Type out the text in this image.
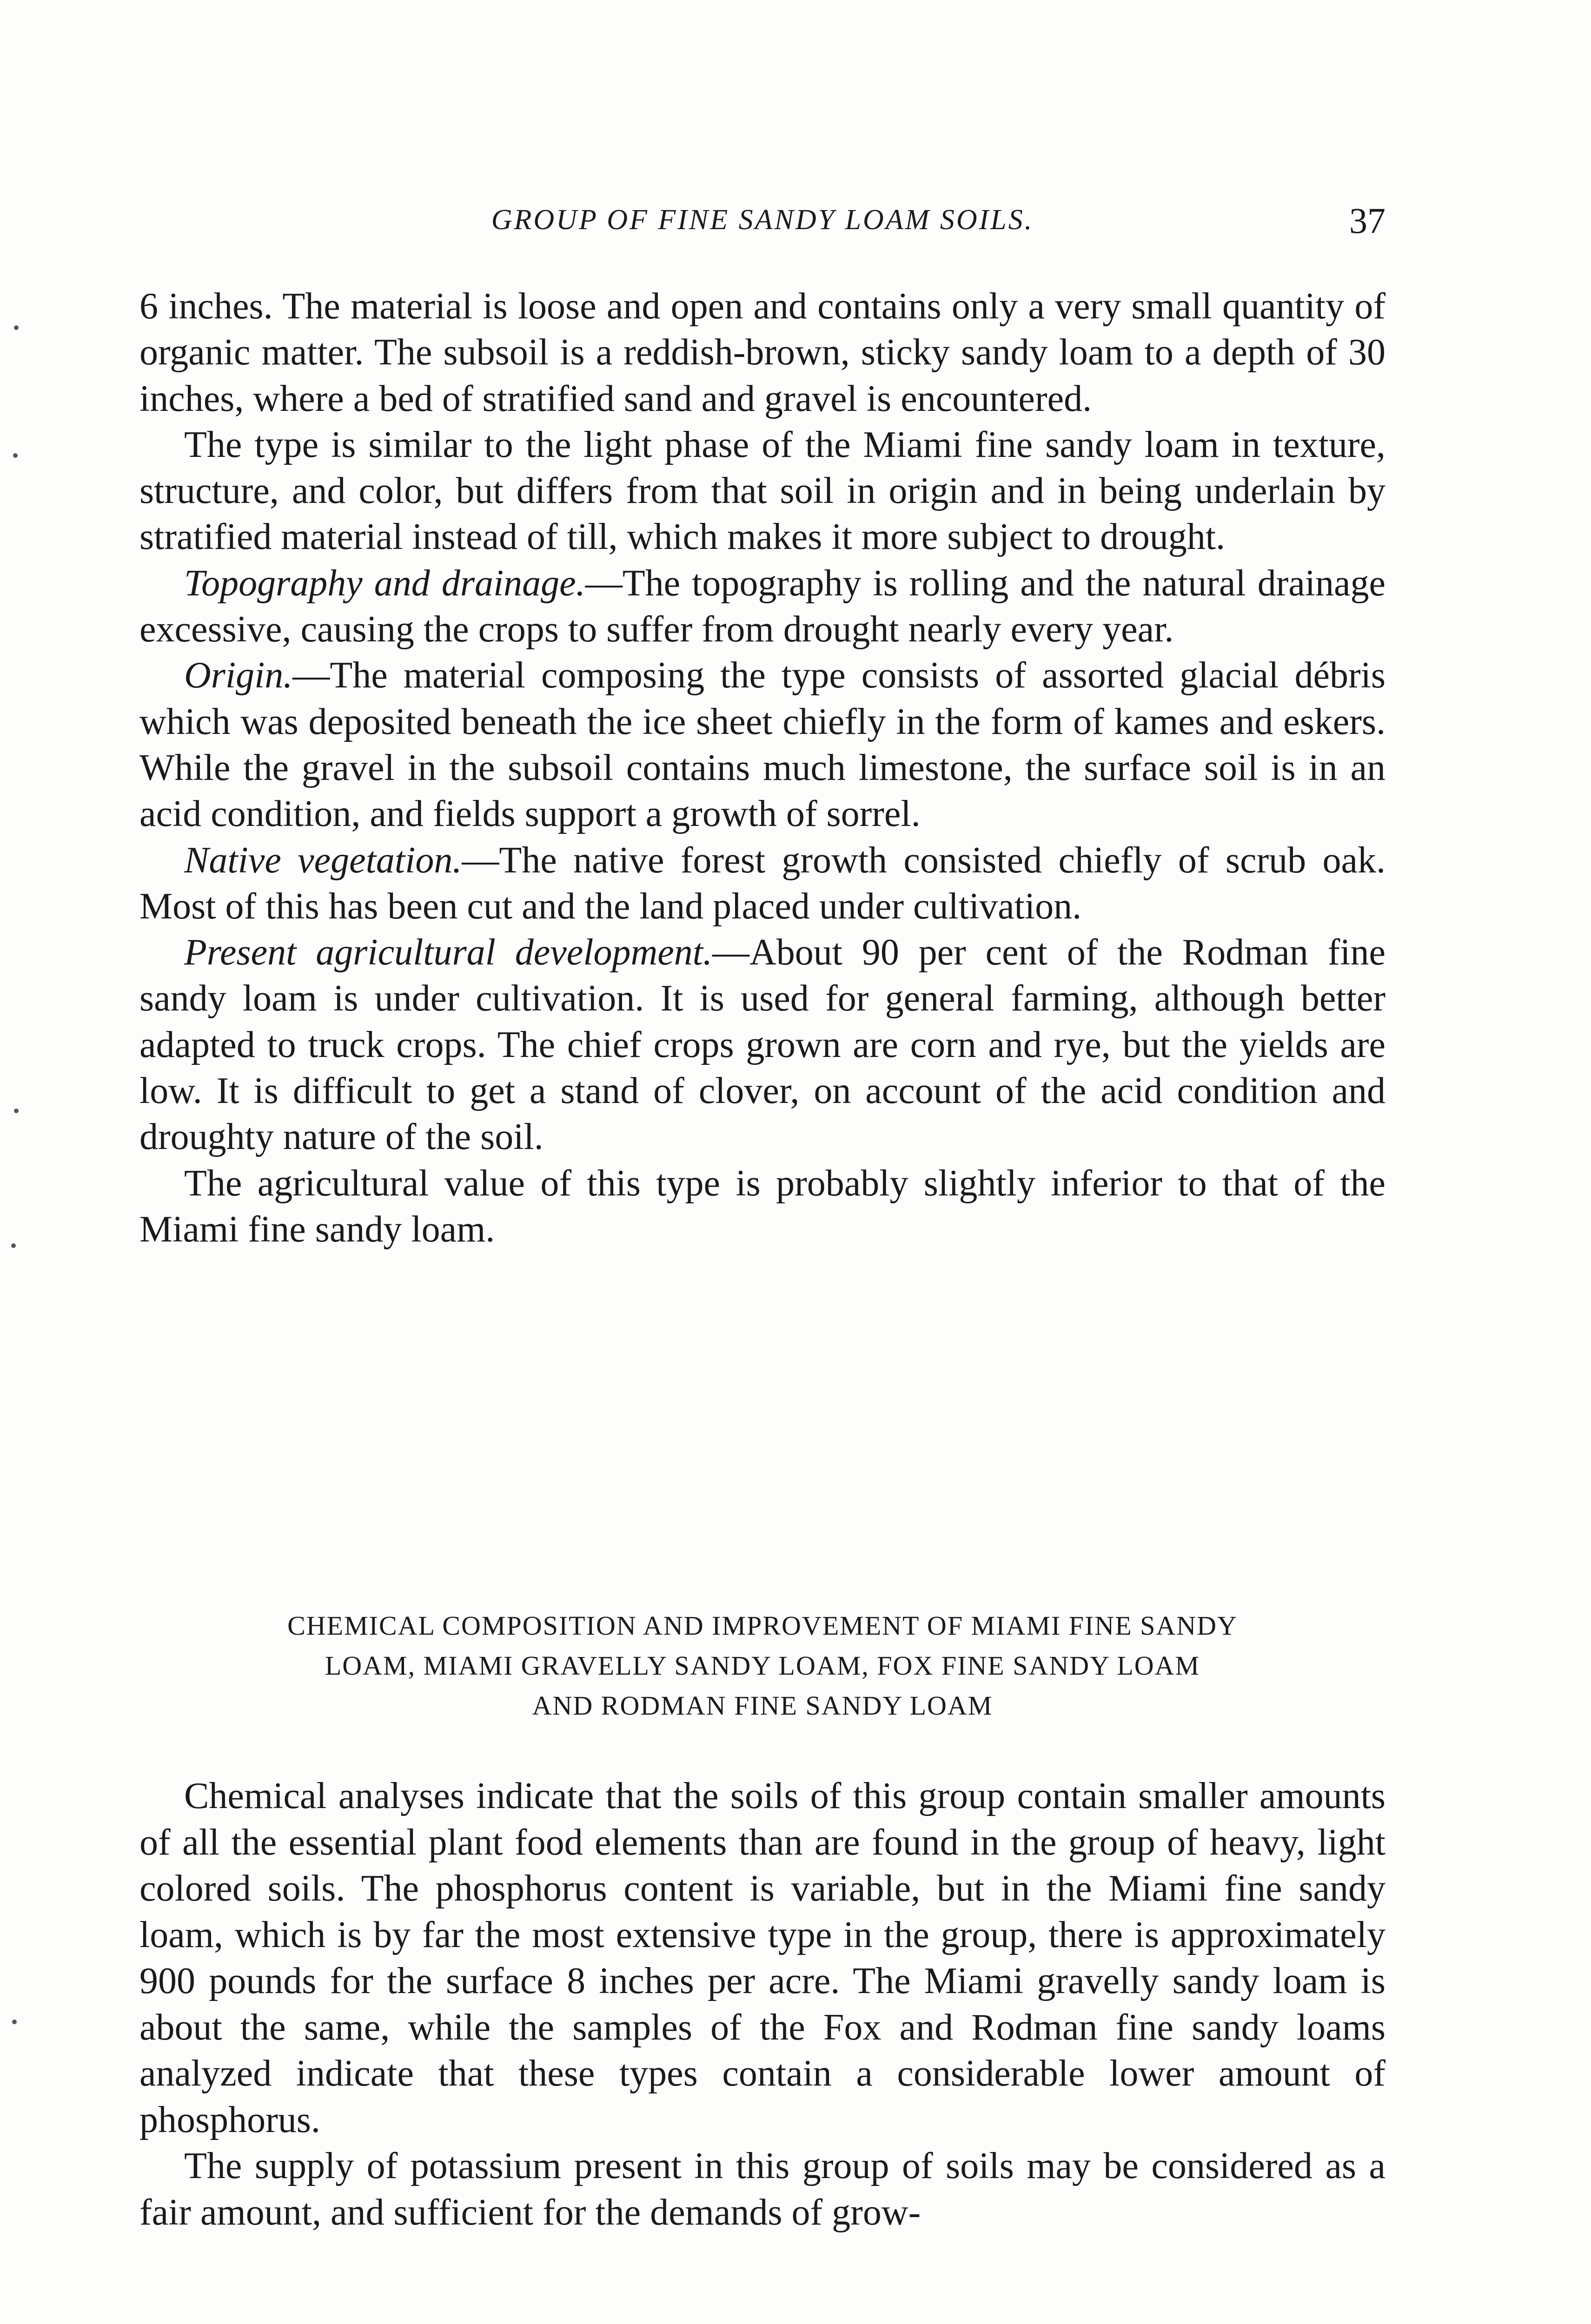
GROUP OF FINE SANDY LOAM SOILS.	37

6 inches. The material is loose and open and contains only a very small quantity of organic matter. The subsoil is a reddish-brown, sticky sandy loam to a depth of 30 inches, where a bed of stratified sand and gravel is encountered.

The type is similar to the light phase of the Miami fine sandy loam in texture, structure, and color, but differs from that soil in origin and in being underlain by stratified material instead of till, which makes it more subject to drought.

Topography and drainage.—The topography is rolling and the natural drainage excessive, causing the crops to suffer from drought nearly every year.

Origin.—The material composing the type consists of assorted glacial débris which was deposited beneath the ice sheet chiefly in the form of kames and eskers. While the gravel in the subsoil contains much limestone, the surface soil is in an acid condition, and fields support a growth of sorrel.

Native vegetation.—The native forest growth consisted chiefly of scrub oak. Most of this has been cut and the land placed under cultivation.

Present agricultural development.—About 90 per cent of the Rodman fine sandy loam is under cultivation. It is used for general farming, although better adapted to truck crops. The chief crops grown are corn and rye, but the yields are low. It is difficult to get a stand of clover, on account of the acid condition and droughty nature of the soil.

The agricultural value of this type is probably slightly inferior to that of the Miami fine sandy loam.

CHEMICAL COMPOSITION AND IMPROVEMENT OF MIAMI FINE SANDY
LOAM, MIAMI GRAVELLY SANDY LOAM, FOX FINE SANDY LOAM
AND RODMAN FINE SANDY LOAM

Chemical analyses indicate that the soils of this group contain smaller amounts of all the essential plant food elements than are found in the group of heavy, light colored soils. The phosphorus content is variable, but in the Miami fine sandy loam, which is by far the most extensive type in the group, there is approximately 900 pounds for the surface 8 inches per acre. The Miami gravelly sandy loam is about the same, while the samples of the Fox and Rodman fine sandy loams analyzed indicate that these types contain a considerable lower amount of phosphorus.

The supply of potassium present in this group of soils may be considered as a fair amount, and sufficient for the demands of grow-
